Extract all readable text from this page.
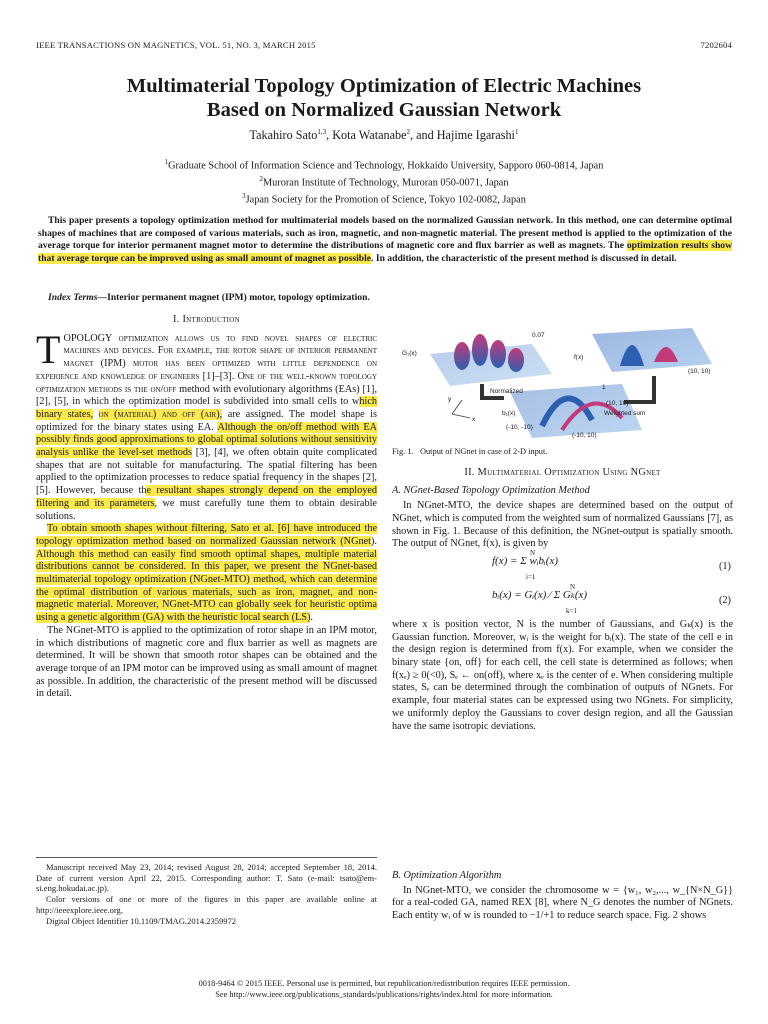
IEEE TRANSACTIONS ON MAGNETICS, VOL. 51, NO. 3, MARCH 2015	7202604
Multimaterial Topology Optimization of Electric Machines
Based on Normalized Gaussian Network
Takahiro Sato$^{1,3}$, Kota Watanabe$^2$, and Hajime Igarashi$^1$
$^1$Graduate School of Information Science and Technology, Hokkaido University, Sapporo 060-0814, Japan
$^2$Muroran Institute of Technology, Muroran 050-0071, Japan
$^3$Japan Society for the Promotion of Science, Tokyo 102-0082, Japan
This paper presents a topology optimization method for multimaterial models based on the normalized Gaussian network. In this method, one can determine optimal shapes of machines that are composed of various materials, such as iron, magnetic, and non-magnetic material. The present method is applied to the optimization of the average torque for interior permanent magnet motor to determine the distributions of magnetic core and flux barrier as well as magnets. The optimization results show that average torque can be improved using as small amount of magnet as possible. In addition, the characteristic of the present method is discussed in detail.
Index Terms—Interior permanent magnet (IPM) motor, topology optimization.
I. Introduction

TOPOLOGY optimization allows us to find novel shapes of electric machines and devices. For example, the rotor shape of interior permanent magnet (IPM) motor has been optimized with little dependence on experience and knowledge of engineers [1]–[3]. One of the well-known topology optimization methods is the on/off method with evolutionary algorithms (EAs) [1], [2], [5], in which the optimization model is subdivided into small cells to which binary states, on (material) and off (air), are assigned. The model shape is optimized for the binary states using EA. Although the on/off method with EA possibly finds good approximations to global optimal solutions without sensitivity analysis unlike the level-set methods [3], [4], we often obtain quite complicated shapes that are not suitable for manufacturing. The spatial filtering has been applied to the optimization processes to reduce spatial frequency in the shapes [2], [5]. However, because the resultant shapes strongly depend on the employed filtering and its parameters, we must carefully tune them to obtain desirable solutions.

To obtain smooth shapes without filtering, Sato et al. [6] have introduced the topology optimization method based on normalized Gaussian network (NGnet). Although this method can easily find smooth optimal shapes, multiple material distributions cannot be considered. In this paper, we present the NGnet-based multimaterial topology optimization (NGnet-MTO) method, which can determine the optimal distribution of various materials, such as iron, magnet, and non-magnetic material. Moreover, NGnet-MTO can globally seek for heuristic optima using a genetic algorithm (GA) with the heuristic local search (LS).

The NGnet-MTO is applied to the optimization of rotor shape in an IPM motor, in which distributions of magnetic core and flux barrier as well as magnets are determined. It will be shown that smooth rotor shapes can be obtained and the average torque of an IPM motor can be improved using as small amount of magnet as possible. In addition, the characteristic of the present method will be discussed in detail.

G₁(x)
0.07
f(x)
Normalized
b₁(x)
(10, 10)
(-10, -10)
Weighted sum
(-10, 10)
(10, 10)
1
y
x
Fig. 1. Output of NGnet in case of 2-D input.
II. Multimaterial Optimization Using NGnet
A. NGnet-Based Topology Optimization Method

In NGnet-MTO, the device shapes are determined based on the output of NGnet, which is computed from the weighted sum of normalized Gaussians [7], as shown in Fig. 1. Because of this definition, the NGnet-output is spatially smooth. The output of NGnet, f(x), is given by

f(x) = Σ wᵢbᵢ(x)
N
i=1
(1)
bᵢ(x) = Gᵢ(x) ⁄ Σ Gₖ(x)
N
k=1
(2)

where x is position vector, N is the number of Gaussians, and Gₖ(x) is the Gaussian function. Moreover, wᵢ is the weight for bᵢ(x). The state of the cell e in the design region is determined from f(x). For example, when we consider the binary state {on, off} for each cell, the cell state is determined as follows; when f(xₑ) ≥ 0(<0), Sₑ ← on(off), where xₑ is the center of e. When considering multiple states, Sₑ can be determined through the combination of outputs of NGnets. For example, four material states can be expressed using two NGnets. For simplicity, we uniformly deploy the Gaussians to cover design region, and all the Gaussian have the same isotropic deviations.

B. Optimization Algorithm

In NGnet-MTO, we consider the chromosome w = {w₁, w₂,..., w_{N×N_G}} for a real-coded GA, named REX [8], where N_G denotes the number of NGnets. Each entity wᵢ of w is rounded to −1/+1 to reduce search space. Fig. 2 shows

Manuscript received May 23, 2014; revised August 28, 2014; accepted September 18, 2014. Date of current version April 22, 2015. Corresponding author: T. Sato (e-mail: tsato@em-si.eng.hokudai.ac.jp).

Color versions of one or more of the figures in this paper are available online at http://ieeexplore.ieee.org.

Digital Object Identifier 10.1109/TMAG.2014.2359972

0018-9464 © 2015 IEEE. Personal use is permitted, but republication/redistribution requires IEEE permission.
See http://www.ieee.org/publications_standards/publications/rights/index.html for more information.
